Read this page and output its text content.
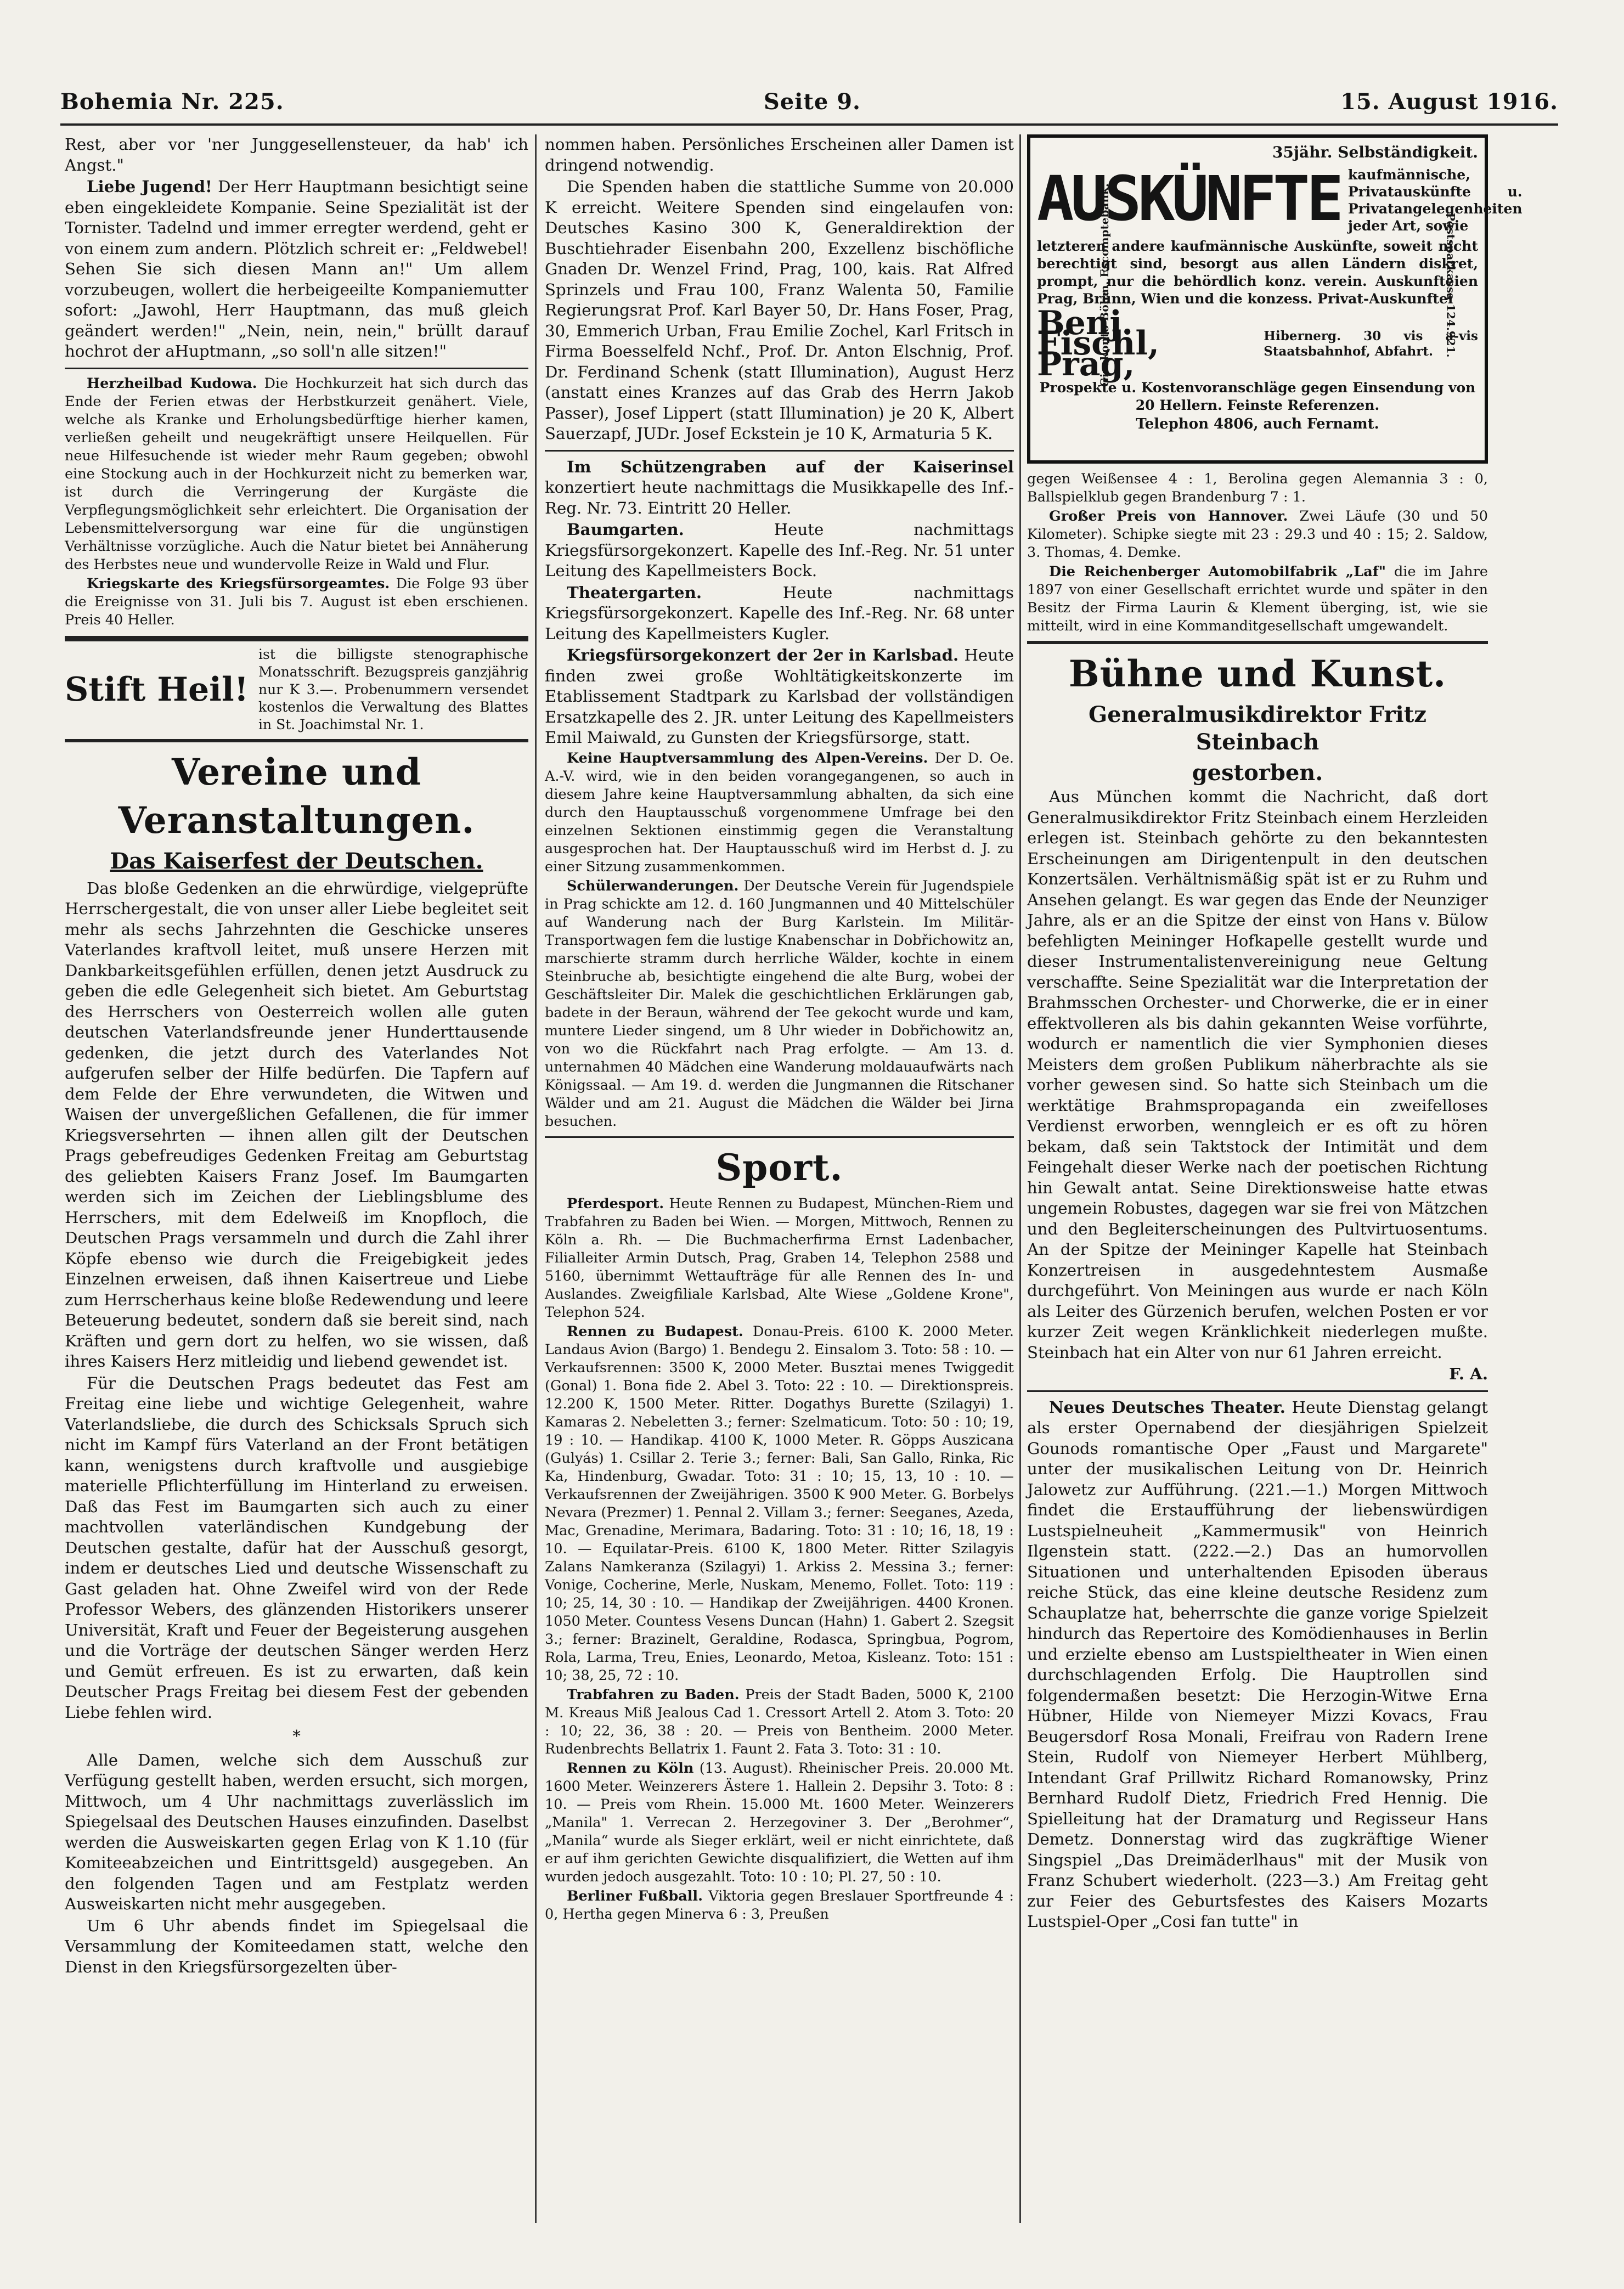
Bohemia Nr. 225.	Seite 9.	15. August 1916.

Rest, aber vor 'ner Junggesellensteuer, da hab' ich Angst."

Liebe Jugend! Der Herr Hauptmann besichtigt seine eben eingekleidete Kompanie. Seine Spezialität ist der Tornister. Tadelnd und immer erregter werdend, geht er von einem zum andern. Plötzlich schreit er: „Feldwebel! Sehen Sie sich diesen Mann an!" Um allem vorzubeugen, wollert die herbeigeeilte Kompaniemutter sofort: „Jawohl, Herr Hauptmann, das muß gleich geändert werden!" „Nein, nein, nein," brüllt darauf hochrot der aHuptmann, „so soll'n alle sitzen!"

Herzheilbad Kudowa. Die Hochkurzeit hat sich durch das Ende der Ferien etwas der Herbstkurzeit genähert. Viele, welche als Kranke und Erholungsbedürftige hierher kamen, verließen geheilt und neugekräftigt unsere Heilquellen. Für neue Hilfesuchende ist wieder mehr Raum gegeben; obwohl eine Stockung auch in der Hochkurzeit nicht zu bemerken war, ist durch die Verringerung der Kurgäste die Verpflegungsmöglichkeit sehr erleichtert. Die Organisation der Lebensmittelversorgung war eine für die ungünstigen Verhältnisse vorzügliche. Auch die Natur bietet bei Annäherung des Herbstes neue und wundervolle Reize in Wald und Flur.

Kriegskarte des Kriegsfürsorgeamtes. Die Folge 93 über die Ereignisse von 31. Juli bis 7. August ist eben erschienen. Preis 40 Heller.

Stift Heil!
ist die billigste stenographische Monatsschrift. Bezugspreis ganzjährig nur K 3.—. Probenummern versendet kostenlos die Verwaltung des Blattes in St. Joachimstal Nr. 1.
Vereine und Veranstaltungen.
Das Kaiserfest der Deutschen.

Das bloße Gedenken an die ehrwürdige, vielgeprüfte Herrschergestalt, die von unser aller Liebe begleitet seit mehr als sechs Jahrzehnten die Geschicke unseres Vaterlandes kraftvoll leitet, muß unsere Herzen mit Dankbarkeitsgefühlen erfüllen, denen jetzt Ausdruck zu geben die edle Gelegenheit sich bietet. Am Geburtstag des Herrschers von Oesterreich wollen alle guten deutschen Vaterlandsfreunde jener Hunderttausende gedenken, die jetzt durch des Vaterlandes Not aufgerufen selber der Hilfe bedürfen. Die Tapfern auf dem Felde der Ehre verwundeten, die Witwen und Waisen der unvergeßlichen Gefallenen, die für immer Kriegsversehrten — ihnen allen gilt der Deutschen Prags gebefreudiges Gedenken Freitag am Geburtstag des geliebten Kaisers Franz Josef. Im Baumgarten werden sich im Zeichen der Lieblingsblume des Herrschers, mit dem Edelweiß im Knopfloch, die Deutschen Prags versammeln und durch die Zahl ihrer Köpfe ebenso wie durch die Freigebigkeit jedes Einzelnen erweisen, daß ihnen Kaisertreue und Liebe zum Herrscherhaus keine bloße Redewendung und leere Beteuerung bedeutet, sondern daß sie bereit sind, nach Kräften und gern dort zu helfen, wo sie wissen, daß ihres Kaisers Herz mitleidig und liebend gewendet ist.

Für die Deutschen Prags bedeutet das Fest am Freitag eine liebe und wichtige Gelegenheit, wahre Vaterlandsliebe, die durch des Schicksals Spruch sich nicht im Kampf fürs Vaterland an der Front betätigen kann, wenigstens durch kraftvolle und ausgiebige materielle Pflichterfüllung im Hinterland zu erweisen. Daß das Fest im Baumgarten sich auch zu einer machtvollen vaterländischen Kundgebung der Deutschen gestalte, dafür hat der Ausschuß gesorgt, indem er deutsches Lied und deutsche Wissenschaft zu Gast geladen hat. Ohne Zweifel wird von der Rede Professor Webers, des glänzenden Historikers unserer Universität, Kraft und Feuer der Begeisterung ausgehen und die Vorträge der deutschen Sänger werden Herz und Gemüt erfreuen. Es ist zu erwarten, daß kein Deutscher Prags Freitag bei diesem Fest der gebenden Liebe fehlen wird.

*

Alle Damen, welche sich dem Ausschuß zur Verfügung gestellt haben, werden ersucht, sich morgen, Mittwoch, um 4 Uhr nachmittags zuverlässlich im Spiegelsaal des Deutschen Hauses einzufinden. Daselbst werden die Ausweiskarten gegen Erlag von K 1.10 (für Komiteeabzeichen und Eintrittsgeld) ausgegeben. An den folgenden Tagen und am Festplatz werden Ausweiskarten nicht mehr ausgegeben.

Um 6 Uhr abends findet im Spiegelsaal die Versammlung der Komiteedamen statt, welche den Dienst in den Kriegsfürsorgezelten über-

nommen haben. Persönliches Erscheinen aller Damen ist dringend notwendig.

Die Spenden haben die stattliche Summe von 20.000 K erreicht. Weitere Spenden sind eingelaufen von: Deutsches Kasino 300 K, Generaldirektion der Buschtiehrader Eisenbahn 200, Exzellenz bischöfliche Gnaden Dr. Wenzel Frind, Prag, 100, kais. Rat Alfred Sprinzels und Frau 100, Franz Walenta 50, Familie Regierungsrat Prof. Karl Bayer 50, Dr. Hans Foser, Prag, 30, Emmerich Urban, Frau Emilie Zochel, Karl Fritsch in Firma Boesselfeld Nchf., Prof. Dr. Anton Elschnig, Prof. Dr. Ferdinand Schenk (statt Illumination), August Herz (anstatt eines Kranzes auf das Grab des Herrn Jakob Passer), Josef Lippert (statt Illumination) je 20 K, Albert Sauerzapf, JUDr. Josef Eckstein je 10 K, Armaturia 5 K.

Im Schützengraben auf der Kaiserinsel konzertiert heute nachmittags die Musikkapelle des Inf.-Reg. Nr. 73. Eintritt 20 Heller.

Baumgarten.	Heute nachmittags Kriegsfürsorgekonzert. Kapelle des Inf.-Reg. Nr. 51 unter Leitung des Kapellmeisters Bock.

Theatergarten.	Heute nachmittags Kriegsfürsorgekonzert. Kapelle des Inf.-Reg. Nr. 68 unter Leitung des Kapellmeisters Kugler.

Kriegsfürsorgekonzert der 2er in Karlsbad. Heute finden zwei große Wohltätigkeitskonzerte im Etablissement Stadtpark zu Karlsbad der vollständigen Ersatzkapelle des 2. JR. unter Leitung des Kapellmeisters Emil Maiwald, zu Gunsten der Kriegsfürsorge, statt.

Keine Hauptversammlung des Alpen-Vereins. Der D. Oe. A.-V. wird, wie in den beiden vorangegangenen, so auch in diesem Jahre keine Hauptversammlung abhalten, da sich eine durch den Hauptausschuß vorgenommene Umfrage bei den einzelnen Sektionen einstimmig gegen die Veranstaltung ausgesprochen hat. Der Hauptausschuß wird im Herbst d. J. zu einer Sitzung zusammenkommen.

Schülerwanderungen. Der Deutsche Verein für Jugendspiele in Prag schickte am 12. d. 160 Jungmannen und 40 Mittelschüler auf Wanderung nach der Burg Karlstein. Im Militär-Transportwagen fem die lustige Knabenschar in Dobřichowitz an, marschierte stramm durch herrliche Wälder, kochte in einem Steinbruche ab, besichtigte eingehend die alte Burg, wobei der Geschäftsleiter Dir. Malek die geschichtlichen Erklärungen gab, badete in der Beraun, während der Tee gekocht wurde und kam, muntere Lieder singend, um 8 Uhr wieder in Dobřichowitz an, von wo die Rückfahrt nach Prag erfolgte. — Am 13. d. unternahmen 40 Mädchen eine Wanderung moldauaufwärts nach Königssaal. — Am 19. d. werden die Jungmannen die Ritschaner Wälder und am 21. August die Mädchen die Wälder bei Jirna besuchen.

Sport.

Pferdesport. Heute Rennen zu Budapest, München-Riem und Trabfahren zu Baden bei Wien. — Morgen, Mittwoch, Rennen zu Köln a. Rh. — Die Buchmacherfirma Ernst Ladenbacher, Filialleiter Armin Dutsch, Prag, Graben 14, Telephon 2588 und 5160, übernimmt Wettaufträge für alle Rennen des In- und Auslandes. Zweigfiliale Karlsbad, Alte Wiese „Goldene Krone", Telephon 524.

Rennen zu Budapest. Donau-Preis. 6100 K. 2000 Meter. Landaus Avion (Bargo) 1. Bendegu 2. Einsalom 3. Toto: 58 : 10. — Verkaufsrennen: 3500 K, 2000 Meter. Busztai menes Twiggedit (Gonal) 1. Bona fide 2. Abel 3. Toto: 22 : 10. — Direktionspreis. 12.200 K, 1500 Meter. Ritter. Dogathys Burette (Szilagyi) 1. Kamaras 2. Nebeletten 3.; ferner: Szelmaticum. Toto: 50 : 10; 19, 19 : 10. — Handikap. 4100 K, 1000 Meter. R. Göpps Auszicana (Gulyás) 1. Csillar 2. Terie 3.; ferner: Bali, San Gallo, Rinka, Ric Ka, Hindenburg, Gwadar. Toto: 31 : 10; 15, 13, 10 : 10. — Verkaufsrennen der Zweijährigen. 3500 K 900 Meter. G. Borbelys Nevara (Prezmer) 1. Pennal 2. Villam 3.; ferner: Seeganes, Azeda, Mac, Grenadine, Merimara, Badaring. Toto: 31 : 10; 16, 18, 19 : 10. — Equilatar-Preis. 6100 K, 1800 Meter. Ritter Szilagyis Zalans Namkeranza (Szilagyi) 1. Arkiss 2. Messina 3.; ferner: Vonige, Cocherine, Merle, Nuskam, Menemo, Follet. Toto: 119 : 10; 25, 14, 30 : 10. — Handikap der Zweijährigen. 4400 Kronen. 1050 Meter. Countess Vesens Duncan (Hahn) 1. Gabert 2. Szegsit 3.; ferner: Brazinelt, Geraldine, Rodasca, Springbua, Pogrom, Rola, Larma, Treu, Enies, Leonardo, Metoa, Kisleanz. Toto: 151 : 10; 38, 25, 72 : 10.

Trabfahren zu Baden. Preis der Stadt Baden, 5000 K, 2100 M. Kreaus Miß Jealous Cad 1. Cressort Artell 2. Atom 3. Toto: 20 : 10; 22, 36, 38 : 20. — Preis von Bentheim. 2000 Meter. Rudenbrechts Bellatrix 1. Faunt 2. Fata 3. Toto: 31 : 10.

Rennen zu Köln (13. August). Rheinischer Preis. 20.000 Mt. 1600 Meter. Weinzerers Ästere 1. Hallein 2. Depsihr 3. Toto: 8 : 10. — Preis vom Rhein. 15.000 Mt. 1600 Meter. Weinzerers „Manila" 1. Verrecan 2. Herzegoviner 3. Der „Berohmer“, „Manila“ wurde als Sieger erklärt, weil er nicht einrichtete, daß er auf ihm gerichten Gewichte disqualifiziert, die Wetten auf ihm wurden jedoch ausgezahlt. Toto: 10 : 10; Pl. 27, 50 : 10.

Berliner Fußball. Viktoria gegen Breslauer Sportfreunde 4 : 0, Hertha gegen Minerva 6 : 3, Preußen

35jähr. Selbständigkeit.
AUSKÜNFTE kaufmännische, Privatauskünfte u. Privatangelegenheiten jeder Art, sowie
letzteren andere kaufmännische Auskünfte, soweit nicht berechtigt sind, besorgt aus allen Ländern diskret, prompt, nur die behördlich konz. verein. Auskunfteien Prag, Brünn, Wien und die konzess. Privat-Auskunftei
Benj. Fischl, Prag,
Hibernerg. 30 vis a-vis Staatsbahnhof, Abfahrt.
Prospekte u. Kostenvoranschläge gegen Einsendung von 20 Hellern. Feinste Referenzen.
Telephon 4806, auch Fernamt.
Girokonto Böhm. Escomptebank.	Postsparkassa 124.921.

gegen Weißensee 4 : 1, Berolina gegen Alemannia 3 : 0, Ballspielklub gegen Brandenburg 7 : 1.

Großer Preis von Hannover. Zwei Läufe (30 und 50 Kilometer). Schipke siegte mit 23 : 29.3 und 40 : 15; 2. Saldow, 3. Thomas, 4. Demke.

Die Reichenberger Automobilfabrik „Laf" die im Jahre 1897 von einer Gesellschaft errichtet wurde und später in den Besitz der Firma Laurin & Klement überging, ist, wie sie mitteilt, wird in eine Kommanditgesellschaft umgewandelt.

Bühne und Kunst.
Generalmusikdirektor Fritz Steinbach
gestorben.

Aus München kommt die Nachricht, daß dort Generalmusikdirektor Fritz Steinbach einem Herzleiden erlegen ist. Steinbach gehörte zu den bekanntesten Erscheinungen am Dirigentenpult in den deutschen Konzertsälen. Verhältnismäßig spät ist er zu Ruhm und Ansehen gelangt. Es war gegen das Ende der Neunziger Jahre, als er an die Spitze der einst von Hans v. Bülow befehligten Meininger Hofkapelle gestellt wurde und dieser Instrumentalistenvereinigung neue Geltung verschaffte. Seine Spezialität war die Interpretation der Brahmsschen Orchester- und Chorwerke, die er in einer effektvolleren als bis dahin gekannten Weise vorführte, wodurch er namentlich die vier Symphonien dieses Meisters dem großen Publikum näherbrachte als sie vorher gewesen sind. So hatte sich Steinbach um die werktätige Brahmspropaganda ein zweifelloses Verdienst erworben, wenngleich er es oft zu hören bekam, daß sein Taktstock der Intimität und dem Feingehalt dieser Werke nach der poetischen Richtung hin Gewalt antat. Seine Direktionsweise hatte etwas ungemein Robustes, dagegen war sie frei von Mätzchen und den Begleiterscheinungen des Pultvirtuosentums. An der Spitze der Meininger Kapelle hat Steinbach Konzertreisen in ausgedehntestem Ausmaße durchgeführt. Von Meiningen aus wurde er nach Köln als Leiter des Gürzenich berufen, welchen Posten er vor kurzer Zeit wegen Kränklichkeit niederlegen mußte. Steinbach hat ein Alter von nur 61 Jahren erreicht.

F. A.

Neues Deutsches Theater. Heute Dienstag gelangt als erster Opernabend der diesjährigen Spielzeit Gounods romantische Oper „Faust und Margarete" unter der musikalischen Leitung von Dr. Heinrich Jalowetz zur Aufführung. (221.—1.) Morgen Mittwoch findet die Erstaufführung der liebenswürdigen Lustspielneuheit „Kammermusik" von Heinrich Ilgenstein statt. (222.—2.) Das an humorvollen Situationen und unterhaltenden Episoden überaus reiche Stück, das eine kleine deutsche Residenz zum Schauplatze hat, beherrschte die ganze vorige Spielzeit hindurch das Repertoire des Komödienhauses in Berlin und erzielte ebenso am Lustspieltheater in Wien einen durchschlagenden Erfolg. Die Hauptrollen sind folgendermaßen besetzt: Die Herzogin-Witwe Erna Hübner, Hilde von Niemeyer Mizzi Kovacs, Frau Beugersdorf Rosa Monali, Freifrau von Radern Irene Stein, Rudolf von Niemeyer Herbert Mühlberg, Intendant Graf Prillwitz Richard Romanowsky, Prinz Bernhard Rudolf Dietz, Friedrich Fred Hennig. Die Spielleitung hat der Dramaturg und Regisseur Hans Demetz. Donnerstag wird das zugkräftige Wiener Singspiel „Das Dreimäderlhaus" mit der Musik von Franz Schubert wiederholt. (223—3.) Am Freitag geht zur Feier des Geburtsfestes des Kaisers Mozarts Lustspiel-Oper „Cosi fan tutte" in
